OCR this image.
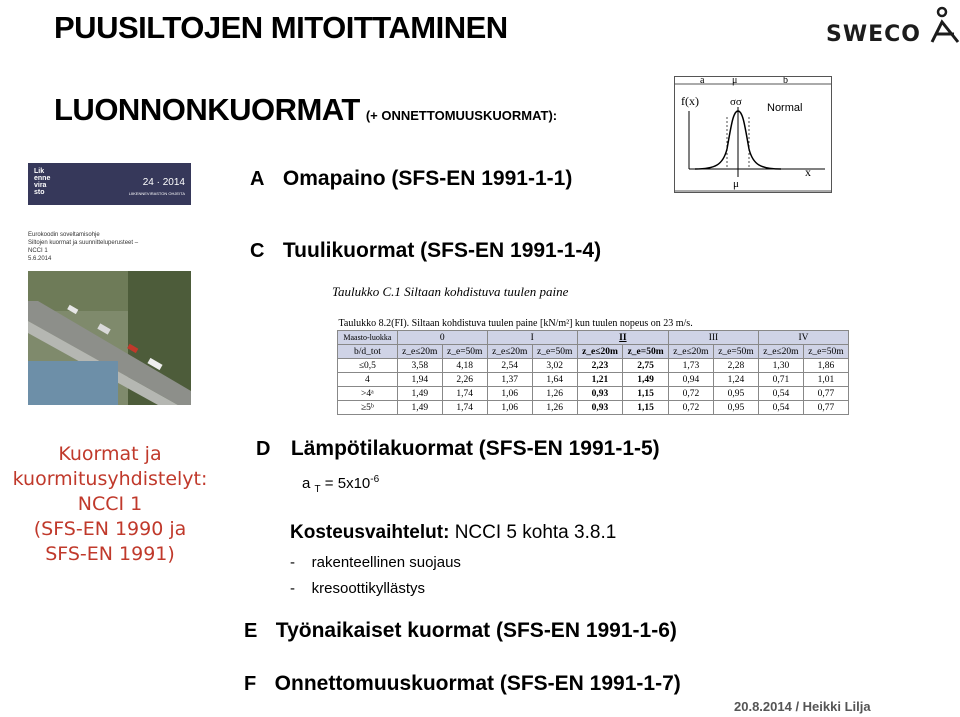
PUUSILTOJEN MITOITTAMINEN
LUONNONKUORMAT (+ ONNETTOMUUSKUORMAT):
SWECO
a	μ	b
f(x)	σσ Normal
x
μ
Lik
enne
vira
sto
24 · 2014
LIIKENNEVIRASTON OHJEITA
Eurokoodin soveltamisohje
Siltojen kuormat ja suunnitteluperusteet –
NCCI 1
5.6.2014
Kuormat ja
kuormitusyhdistelyt:
NCCI 1
(SFS-EN 1990 ja
SFS-EN 1991)
A Omapaino (SFS-EN 1991-1-1)
C Tuulikuormat (SFS-EN 1991-1-4)
Taulukko C.1 Siltaan kohdistuva tuulen paine
Taulukko 8.2(FI). Siltaan kohdistuva tuulen paine [kN/m²] kun tuulen nopeus on 23 m/s.										
Maasto-luokka	0		I		II		III		IV	
b/d_tot	z_e≤20m	z_e=50m	z_e≤20m	z_e=50m	z_e≤20m	z_e=50m	z_e≤20m	z_e=50m	z_e≤20m	z_e=50m
≤0,5	3,58	4,18	2,54	3,02	2,23	2,75	1,73	2,28	1,30	1,86
4	1,94	2,26	1,37	1,64	1,21	1,49	0,94	1,24	0,71	1,01
>4ᵃ	1,49	1,74	1,06	1,26	0,93	1,15	0,72	0,95	0,54	0,77
≥5ᵇ	1,49	1,74	1,06	1,26	0,93	1,15	0,72	0,95	0,54	0,77
D Lämpötilakuormat (SFS-EN 1991-1-5)
a $_T = 5x10^{-6}$
Kosteusvaihtelut: NCCI 5 kohta 3.8.1
-    rakenteellinen suojaus
-    kresoottikyllästys
E Työnaikaiset kuormat (SFS-EN 1991-1-6)
F Onnettomuuskuormat (SFS-EN 1991-1-7)
20.8.2014 / Heikki Lilja
